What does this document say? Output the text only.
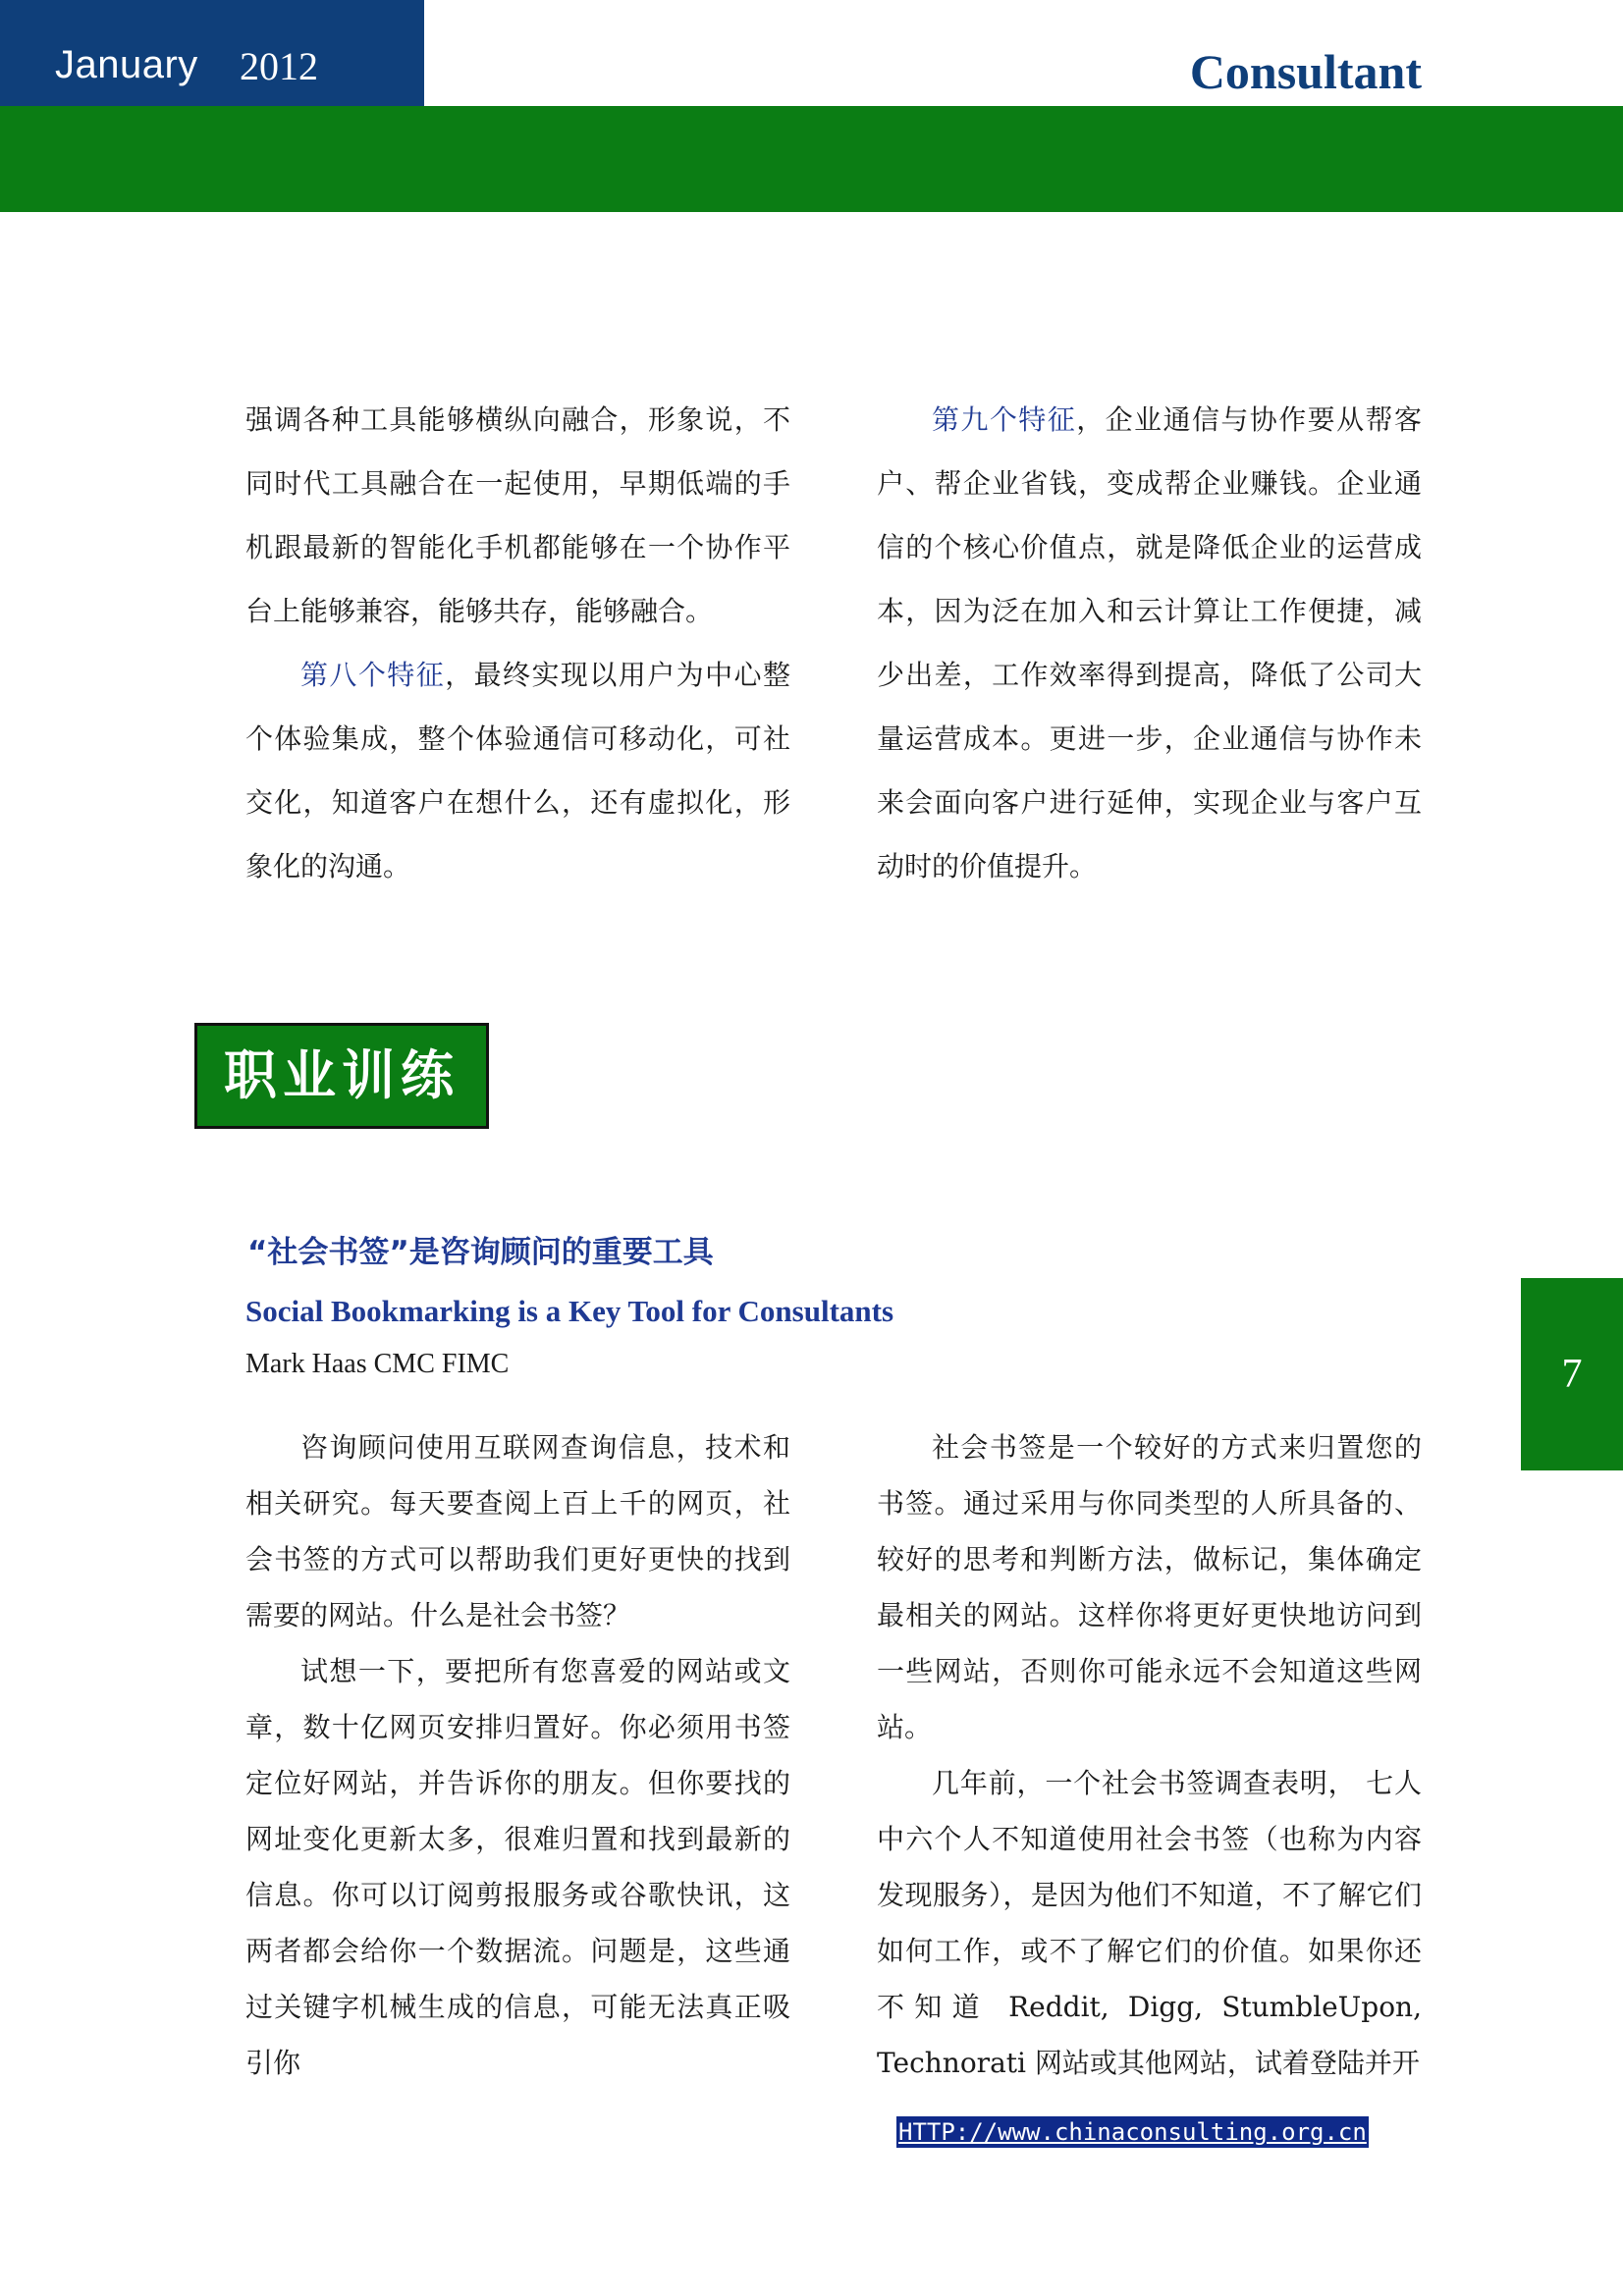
January 2012	Consultant

强调各种工具能够横纵向融合，形象说，不同时代工具融合在一起使用，早期低端的手机跟最新的智能化手机都能够在一个协作平台上能够兼容，能够共存，能够融合。

第八个特征，最终实现以用户为中心整个体验集成，整个体验通信可移动化，可社交化，知道客户在想什么，还有虚拟化，形象化的沟通。

第九个特征，企业通信与协作要从帮客户、帮企业省钱，变成帮企业赚钱。企业通信的个核心价值点，就是降低企业的运营成本，因为泛在加入和云计算让工作便捷，减少出差，工作效率得到提高，降低了公司大量运营成本。更进一步，企业通信与协作未来会面向客户进行延伸，实现企业与客户互动时的价值提升。

职业训练
“社会书签”是咨询顾问的重要工具
Social Bookmarking is a Key Tool for Consultants
Mark Haas CMC FIMC

咨询顾问使用互联网查询信息，技术和相关研究。每天要查阅上百上千的网页，社会书签的方式可以帮助我们更好更快的找到需要的网站。什么是社会书签？

试想一下，要把所有您喜爱的网站或文章，数十亿网页安排归置好。你必须用书签定位好网站，并告诉你的朋友。但你要找的网址变化更新太多，很难归置和找到最新的信息。你可以订阅剪报服务或谷歌快讯，这两者都会给你一个数据流。问题是，这些通过关键字机械生成的信息，可能无法真正吸引你

社会书签是一个较好的方式来归置您的书签。通过采用与你同类型的人所具备的、较好的思考和判断方法，做标记，集体确定最相关的网站。这样你将更好更快地访问到一些网站，否则你可能永远不会知道这些网站。

几年前，一个社会书签调查表明， 七人中六个人不知道使用社会书签（也称为内容发现服务），是因为他们不知道，不了解它们如何工作，或不了解它们的价值。如果你还不知道 Reddit, Digg, StumbleUpon, Technorati 网站或其他网站，试着登陆并开

7
HTTP://www.chinaconsulting.org.cn
